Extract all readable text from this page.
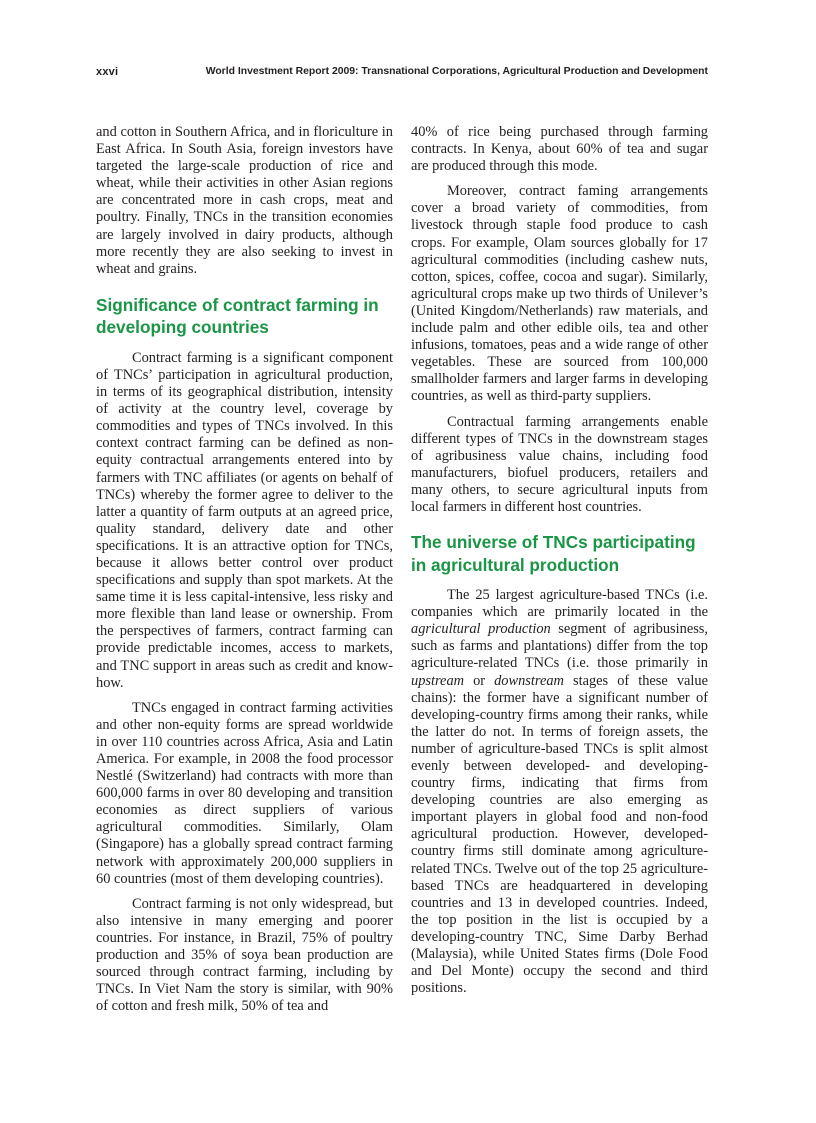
xxvi	World Investment Report 2009: Transnational Corporations, Agricultural Production and Development

and cotton in Southern Africa, and in floriculture in East Africa. In South Asia, foreign investors have targeted the large-scale production of rice and wheat, while their activities in other Asian regions are concentrated more in cash crops, meat and poultry. Finally, TNCs in the transition economies are largely involved in dairy products, although more recently they are also seeking to invest in wheat and grains.

Significance of contract farming in developing countries

Contract farming is a significant component of TNCs’ participation in agricultural production, in terms of its geographical distribution, intensity of activity at the country level, coverage by commodities and types of TNCs involved. In this context contract farming can be defined as non-equity contractual arrangements entered into by farmers with TNC affiliates (or agents on behalf of TNCs) whereby the former agree to deliver to the latter a quantity of farm outputs at an agreed price, quality standard, delivery date and other specifications. It is an attractive option for TNCs, because it allows better control over product specifications and supply than spot markets. At the same time it is less capital-intensive, less risky and more flexible than land lease or ownership. From the perspectives of farmers, contract farming can provide predictable incomes, access to markets, and TNC support in areas such as credit and know-how.

TNCs engaged in contract farming activities and other non-equity forms are spread worldwide in over 110 countries across Africa, Asia and Latin America. For example, in 2008 the food processor Nestlé (Switzerland) had contracts with more than 600,000 farms in over 80 developing and transition economies as direct suppliers of various agricultural commodities. Similarly, Olam (Singapore) has a globally spread contract farming network with approximately 200,000 suppliers in 60 countries (most of them developing countries).

Contract farming is not only widespread, but also intensive in many emerging and poorer countries. For instance, in Brazil, 75% of poultry production and 35% of soya bean production are sourced through contract farming, including by TNCs. In Viet Nam the story is similar, with 90% of cotton and fresh milk, 50% of tea and

40% of rice being purchased through farming contracts. In Kenya, about 60% of tea and sugar are produced through this mode.

Moreover, contract faming arrangements cover a broad variety of commodities, from livestock through staple food produce to cash crops. For example, Olam sources globally for 17 agricultural commodities (including cashew nuts, cotton, spices, coffee, cocoa and sugar). Similarly, agricultural crops make up two thirds of Unilever’s (United Kingdom/Netherlands) raw materials, and include palm and other edible oils, tea and other infusions, tomatoes, peas and a wide range of other vegetables. These are sourced from 100,000 smallholder farmers and larger farms in developing countries, as well as third-party suppliers.

Contractual farming arrangements enable different types of TNCs in the downstream stages of agribusiness value chains, including food manufacturers, biofuel producers, retailers and many others, to secure agricultural inputs from local farmers in different host countries.

The universe of TNCs participating in agricultural production

The 25 largest agriculture-based TNCs (i.e. companies which are primarily located in the agricultural production segment of agribusiness, such as farms and plantations) differ from the top agriculture-related TNCs (i.e. those primarily in upstream or downstream stages of these value chains): the former have a significant number of developing-country firms among their ranks, while the latter do not. In terms of foreign assets, the number of agriculture-based TNCs is split almost evenly between developed- and developing-country firms, indicating that firms from developing countries are also emerging as important players in global food and non-food agricultural production. However, developed-country firms still dominate among agriculture-related TNCs. Twelve out of the top 25 agriculture-based TNCs are headquartered in developing countries and 13 in developed countries. Indeed, the top position in the list is occupied by a developing-country TNC, Sime Darby Berhad (Malaysia), while United States firms (Dole Food and Del Monte) occupy the second and third positions.
